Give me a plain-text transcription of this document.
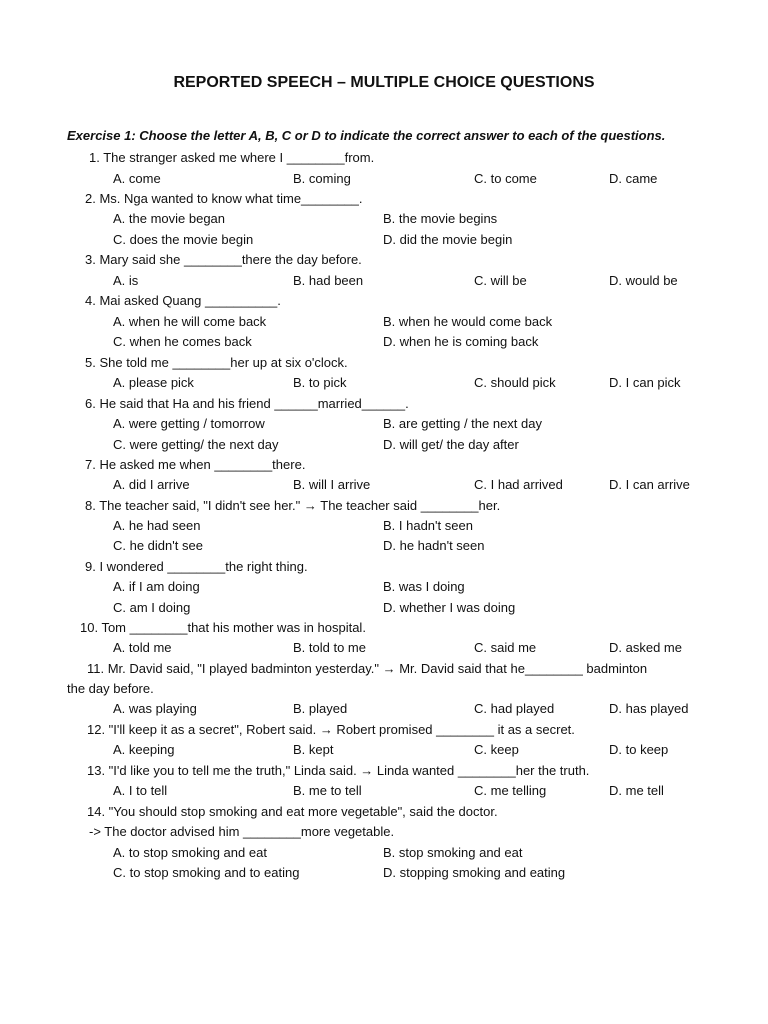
REPORTED SPEECH – MULTIPLE CHOICE QUESTIONS
Exercise 1: Choose the letter A, B, C or D to indicate the correct answer to each of the questions.
1. The stranger asked me where I ________from.
A. come	B. coming	C. to come	D. came
2. Ms. Nga wanted to know what time________.
A. the movie began	B. the movie begins
C. does the movie begin	D. did the movie begin
3. Mary said she ________there the day before.
A. is	B. had been	C. will be	D. would be
4. Mai asked Quang __________.
A. when he will come back	B. when he would come back
C. when he comes back	D. when he is coming back
5. She told me ________her up at six o'clock.
A. please pick	B. to pick	C. should pick	D. I can pick
6. He said that Ha and his friend ______married______.
A. were getting / tomorrow	B. are getting / the next day
C. were getting/ the next day	D. will get/ the day after
7. He asked me when ________there.
A. did I arrive	B. will I arrive	C. I had arrived	D. I can arrive
8. The teacher said, "I didn't see her." → The teacher said ________her.
A. he had seen	B. I hadn't seen
C. he didn't see	D. he hadn't seen
9. I wondered ________the right thing.
A. if I am doing	B. was I doing
C. am I doing	D. whether I was doing
10. Tom ________that his mother was in hospital.
A. told me	B. told to me	C. said me	D. asked me
11. Mr. David said, "I played badminton yesterday." → Mr. David said that he________ badminton
the day before.
A. was playing	B. played	C. had played	D. has played
12. "I'll keep it as a secret", Robert said. → Robert promised ________ it as a secret.
A. keeping	B. kept	C. keep	D. to keep
13. "I'd like you to tell me the truth," Linda said. → Linda wanted ________her the truth.
A. I to tell	B. me to tell	C. me telling	D. me tell
14. "You should stop smoking and eat more vegetable", said the doctor.
-> The doctor advised him ________more vegetable.
A. to stop smoking and eat	B. stop smoking and eat
C. to stop smoking and to eating	D. stopping smoking and eating
